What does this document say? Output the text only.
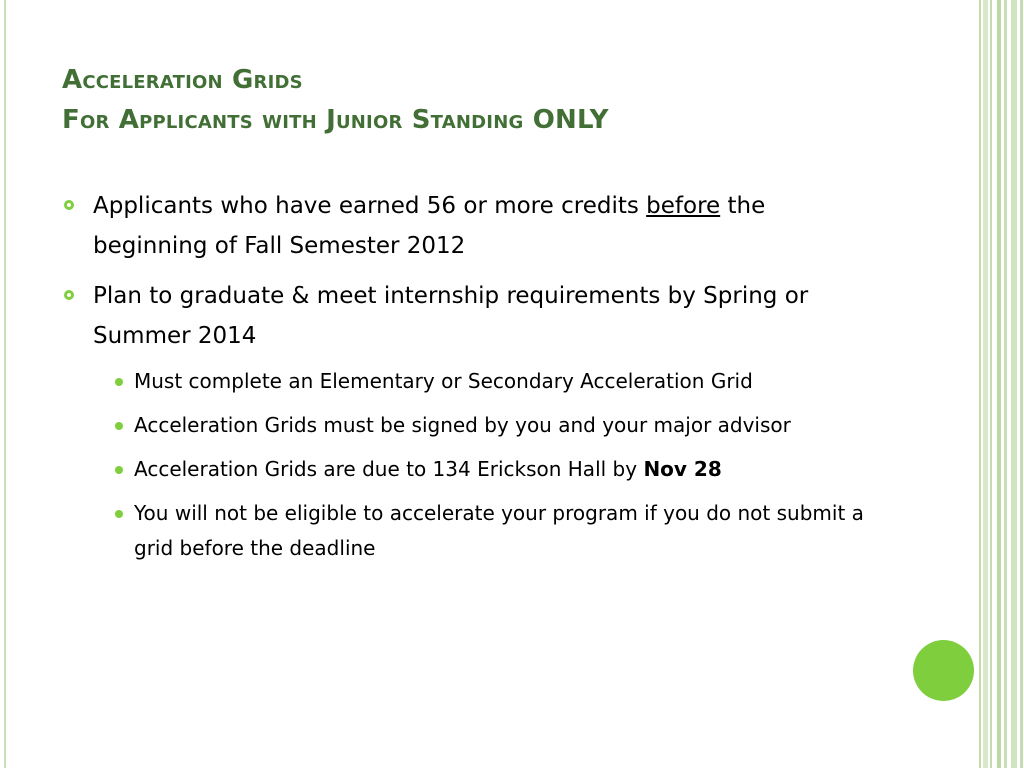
Acceleration Grids
For Applicants with Junior Standing ONLY
Applicants who have earned 56 or more credits before the beginning of Fall Semester 2012
Plan to graduate & meet internship requirements by Spring or Summer 2014
Must complete an Elementary or Secondary Acceleration Grid
Acceleration Grids must be signed by you and your major advisor
Acceleration Grids are due to 134 Erickson Hall by Nov 28
You will not be eligible to accelerate your program if you do not submit a grid before the deadline
